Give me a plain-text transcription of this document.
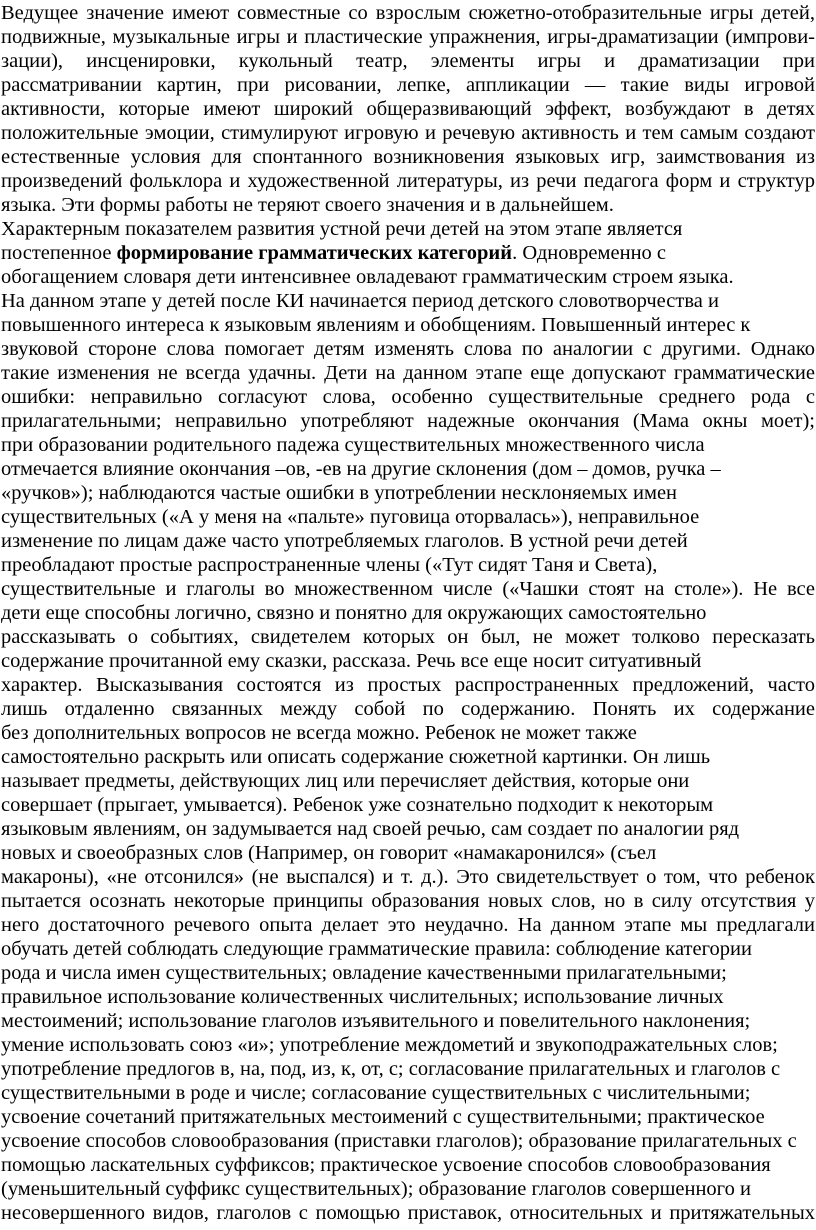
Ведущее значение имеют совместные со взрослым сюжетно-отобразительные игры детей,
подвижные, музыкальные игры и пластические упражнения, игры-драматизации (импрови-
зации), инсценировки, кукольный театр, элементы игры и драматизации при
рассматривании картин, при рисовании, лепке, аппликации — такие виды игровой
активности, которые имеют широкий общеразвивающий эффект, возбуждают в детях
положительные эмоции, стимулируют игровую и речевую активность и тем самым создают
естественные условия для спонтанного возникновения языковых игр, заимствования из
произведений фольклора и художественной литературы, из речи педагога форм и структур
языка. Эти формы работы не теряют своего значения и в дальнейшем.
Характерным показателем развития устной речи детей на этом этапе является
постепенное формирование грамматических категорий. Одновременно с
обогащением словаря дети интенсивнее овладевают грамматическим строем языка.
На данном этапе у детей после КИ начинается период детского словотворчества и
повышенного интереса к языковым явлениям и обобщениям. Повышенный интерес к
звуковой стороне слова помогает детям изменять слова по аналогии с другими. Однако
такие изменения не всегда удачны. Дети на данном этапе еще допускают грамматические
ошибки: неправильно согласуют слова, особенно существительные среднего рода с
прилагательными; неправильно употребляют надежные окончания (Мама окны моет);
при образовании родительного падежа существительных множественного числа
отмечается влияние окончания –ов, -ев на другие склонения (дом – домов, ручка –
«ручков»); наблюдаются частые ошибки в употреблении несклоняемых имен
существительных («А у меня на «пальте» пуговица оторвалась»), неправильное
изменение по лицам даже часто употребляемых глаголов. В устной речи детей
преобладают простые распространенные члены («Тут сидят Таня и Света),
существительные и глаголы во множественном числе («Чашки стоят на столе»). Не все
дети еще способны логично, связно и понятно для окружающих самостоятельно
рассказывать о событиях, свидетелем которых он был, не может толково пересказать
содержание прочитанной ему сказки, рассказа. Речь все еще носит ситуативный
характер. Высказывания состоятся из простых распространенных предложений, часто
лишь отдаленно связанных между собой по содержанию. Понять их содержание
без дополнительных вопросов не всегда можно. Ребенок не может также
самостоятельно раскрыть или описать содержание сюжетной картинки. Он лишь
называет предметы, действующих лиц или перечисляет действия, которые они
совершает (прыгает, умывается). Ребенок уже сознательно подходит к некоторым
языковым явлениям, он задумывается над своей речью, сам создает по аналогии ряд
новых и своеобразных слов (Например, он говорит «намакаронился» (съел
макароны), «не отсонился» (не выспался) и т. д.). Это свидетельствует о том, что ребенок
пытается осознать некоторые принципы образования новых слов, но в силу отсутствия у
него достаточного речевого опыта делает это неудачно. На данном этапе мы предлагали
обучать детей соблюдать следующие грамматические правила: соблюдение категории
рода и числа имен существительных; овладение качественными прилагательными;
правильное использование количественных числительных; использование личных
местоимений; использование глаголов изъявительного и повелительного наклонения;
умение использовать союз «и»; употребление междометий и звукоподражательных слов;
употребление предлогов в, на, под, из, к, от, с; согласование прилагательных и глаголов с
существительными в роде и числе; согласование существительных с числительными;
усвоение сочетаний притяжательных местоимений с существительными; практическое
усвоение способов словообразования (приставки глаголов); образование прилагательных с
помощью ласкательных суффиксов; практическое усвоение способов словообразования
(уменьшительный суффикс существительных); образование глаголов совершенного и
несовершенного видов, глаголов с помощью приставок, относительных и притяжательных
